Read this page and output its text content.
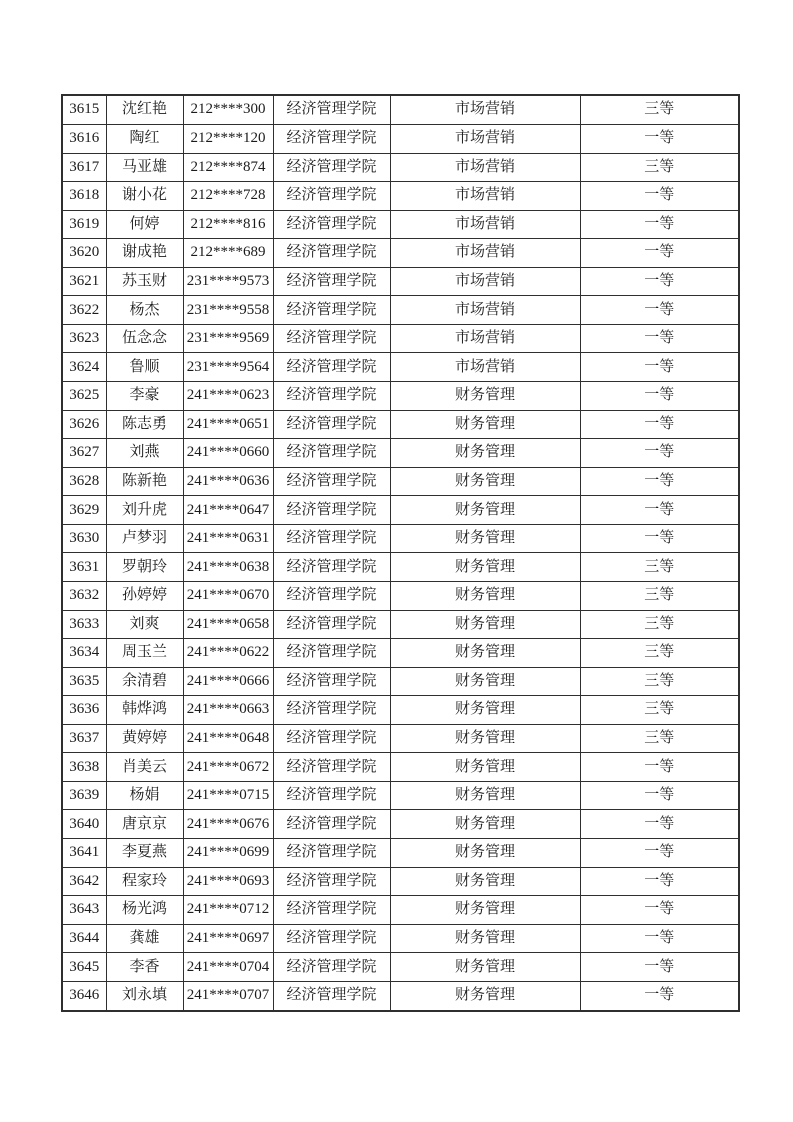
3615	沈红艳	212****300	经济管理学院	市场营销	三等
3616	陶红	212****120	经济管理学院	市场营销	一等
3617	马亚雄	212****874	经济管理学院	市场营销	三等
3618	谢小花	212****728	经济管理学院	市场营销	一等
3619	何婷	212****816	经济管理学院	市场营销	一等
3620	谢成艳	212****689	经济管理学院	市场营销	一等
3621	苏玉财	231****9573	经济管理学院	市场营销	一等
3622	杨杰	231****9558	经济管理学院	市场营销	一等
3623	伍念念	231****9569	经济管理学院	市场营销	一等
3624	鲁顺	231****9564	经济管理学院	市场营销	一等
3625	李豪	241****0623	经济管理学院	财务管理	一等
3626	陈志勇	241****0651	经济管理学院	财务管理	一等
3627	刘燕	241****0660	经济管理学院	财务管理	一等
3628	陈新艳	241****0636	经济管理学院	财务管理	一等
3629	刘升虎	241****0647	经济管理学院	财务管理	一等
3630	卢梦羽	241****0631	经济管理学院	财务管理	一等
3631	罗朝玲	241****0638	经济管理学院	财务管理	三等
3632	孙婷婷	241****0670	经济管理学院	财务管理	三等
3633	刘爽	241****0658	经济管理学院	财务管理	三等
3634	周玉兰	241****0622	经济管理学院	财务管理	三等
3635	余清碧	241****0666	经济管理学院	财务管理	三等
3636	韩烨鸿	241****0663	经济管理学院	财务管理	三等
3637	黄婷婷	241****0648	经济管理学院	财务管理	三等
3638	肖美云	241****0672	经济管理学院	财务管理	一等
3639	杨娟	241****0715	经济管理学院	财务管理	一等
3640	唐京京	241****0676	经济管理学院	财务管理	一等
3641	李夏燕	241****0699	经济管理学院	财务管理	一等
3642	程家玲	241****0693	经济管理学院	财务管理	一等
3643	杨光鸿	241****0712	经济管理学院	财务管理	一等
3644	龚雄	241****0697	经济管理学院	财务管理	一等
3645	李香	241****0704	经济管理学院	财务管理	一等
3646	刘永填	241****0707	经济管理学院	财务管理	一等
